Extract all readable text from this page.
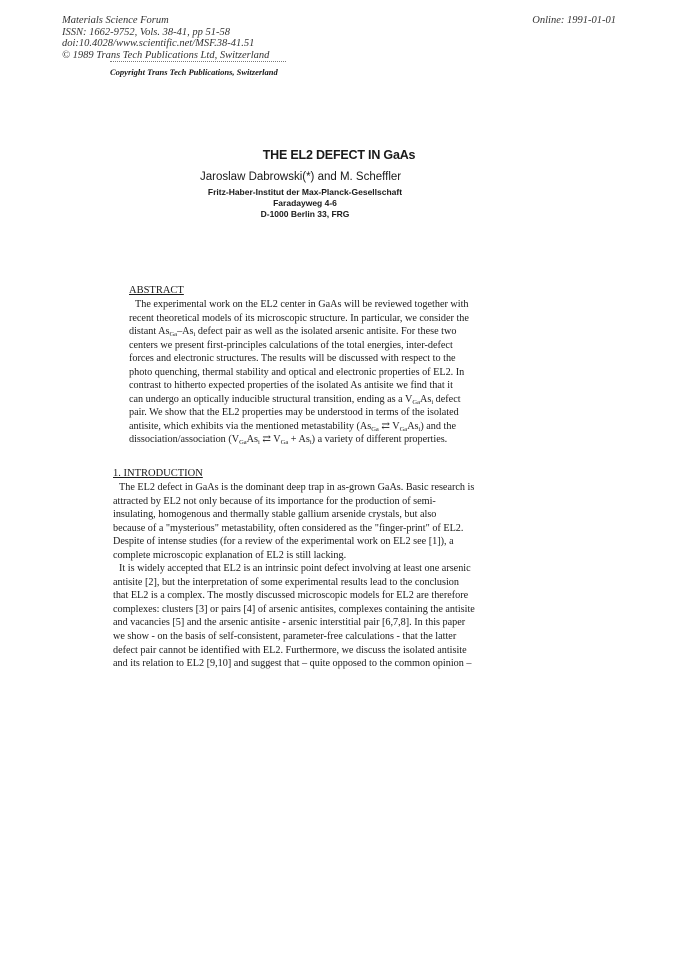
Materials Science Forum
ISSN: 1662-9752, Vols. 38-41, pp 51-58
doi:10.4028/www.scientific.net/MSF.38-41.51
© 1989 Trans Tech Publications Ltd, Switzerland
Online: 1991-01-01
Copyright Trans Tech Publications, Switzerland
THE EL2 DEFECT IN GaAs
Jaroslaw Dabrowski(*) and M. Scheffler
Fritz-Haber-Institut der Max-Planck-Gesellschaft
Faradayweg 4-6
D-1000 Berlin 33, FRG
ABSTRACT
The experimental work on the EL2 center in GaAs will be reviewed together with
recent theoretical models of its microscopic structure. In particular, we consider the
distant $As_{Ga}-As_i$ defect pair as well as the isolated arsenic antisite. For these two
centers we present first-principles calculations of the total energies, inter-defect
forces and electronic structures. The results will be discussed with respect to the
photo quenching, thermal stability and optical and electronic properties of EL2. In
contrast to hitherto expected properties of the isolated As antisite we find that it
can undergo an optically inducible structural transition, ending as a $V_{Ga}As_i$ defect
pair. We show that the EL2 properties may be understood in terms of the isolated
antisite, which exhibits via the mentioned metastability ($As_{Ga}$ ⇄ $V_{Ga}As_i$) and the
dissociation/association ($V_{Ga}As_i$ ⇄ $V_{Ga} + As_i$) a variety of different properties.
1. INTRODUCTION
The EL2 defect in GaAs is the dominant deep trap in as-grown GaAs. Basic research is
attracted by EL2 not only because of its importance for the production of semi-
insulating, homogenous and thermally stable gallium arsenide crystals, but also
because of a "mysterious" metastability, often considered as the "finger-print" of EL2.
Despite of intense studies (for a review of the experimental work on EL2 see [1]), a
complete microscopic explanation of EL2 is still lacking.
It is widely accepted that EL2 is an intrinsic point defect involving at least one arsenic
antisite [2], but the interpretation of some experimental results lead to the conclusion
that EL2 is a complex. The mostly discussed microscopic models for EL2 are therefore
complexes: clusters [3] or pairs [4] of arsenic antisites, complexes containing the antisite
and vacancies [5] and the arsenic antisite - arsenic interstitial pair [6,7,8]. In this paper
we show - on the basis of self-consistent, parameter-free calculations - that the latter
defect pair cannot be identified with EL2. Furthermore, we discuss the isolated antisite
and its relation to EL2 [9,10] and suggest that – quite opposed to the common opinion –
